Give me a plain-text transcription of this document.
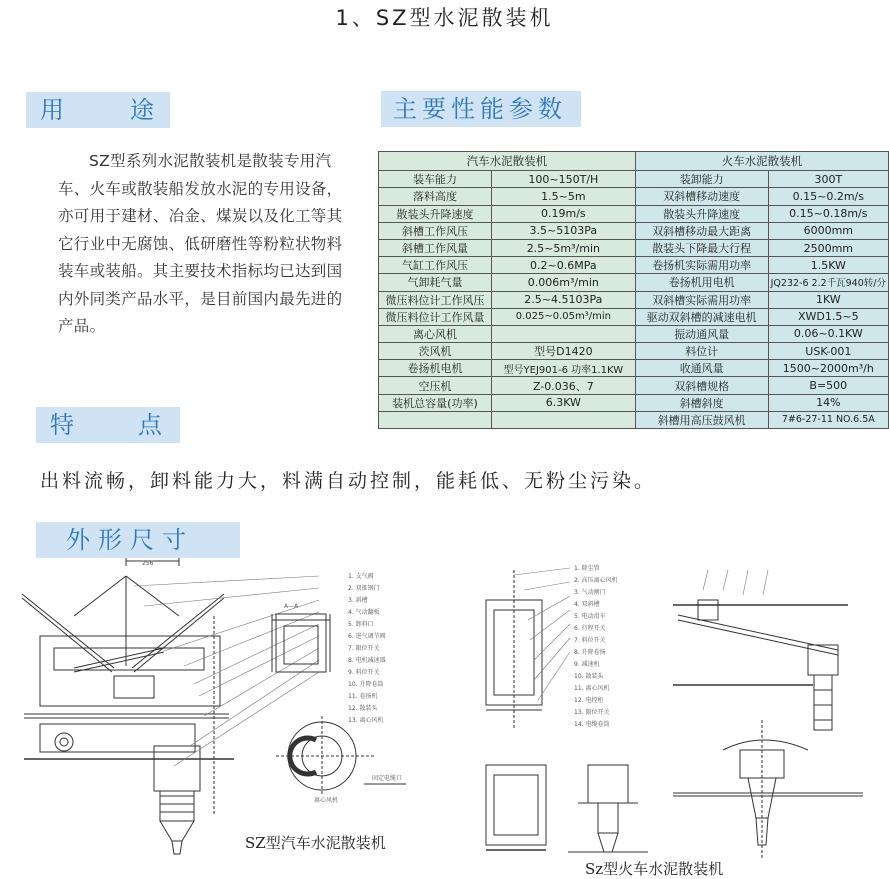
1、SZ型水泥散装机
用	途
SZ型系列水泥散装机是散装专用汽车、火车或散装船发放水泥的专用设备，亦可用于建材、冶金、煤炭以及化工等其它行业中无腐蚀、低研磨性等粉粒状物料装车或装船。其主要技术指标均已达到国内外同类产品水平，是目前国内最先进的产品。
主要性能参数
汽车水泥散装机		火车水泥散装机	
装车能力	100~150T/H	装卸能力	300T
落料高度	1.5~5m	双斜槽移动速度	0.15~0.2m/s
散装头升降速度	0.19m/s	散装头升降速度	0.15~0.18m/s
斜槽工作风压	3.5~5103Pa	双斜槽移动最大距离	6000mm
斜槽工作风量	2.5~5m³/min	散装头下降最大行程	2500mm
气缸工作风压	0.2~0.6MPa	卷扬机实际需用功率	1.5KW
气卸耗气量	0.006m³/min	卷扬机用电机	JQ232-6 2.2千瓦940转/分
微压料位计工作风压	2.5~4.5103Pa	双斜槽实际需用功率	1KW
微压料位计工作风量	0.025~0.05m³/min	驱动双斜槽的减速电机	XWD1.5~5
离心风机		振动通风量	0.06~0.1KW
茨风机	型号D1420	料位计	USK-001
卷扬机电机	型号YEJ901-6 功率1.1KW	收通风量	1500~2000m³/h
空压机	Z-0.036、7	双斜槽规格	B=500
装机总容量(功率)	6.3KW	斜槽斜度	14%
		斜槽用高压鼓风机	7#6-27-11 NO.6.5A
特	点
出料流畅，卸料能力大，料满自动控制，能耗低、无粉尘污染。
外形尺寸
256
1. 支气阀
2. 双锥钢门
3. 斜槽
4. 气动翻板
5. 卸料口
6. 进气调节阀
7. 限位开关
8. 电机减速器
9. 料位开关
10. 升降卷筒
11. 卷扬机
12. 散装头
13. 离心风机
A—A
离心风机
固定电缆口
SZ型汽车水泥散装机
1. 除尘管
2. 高压离心风机
3. 气动闸门
4. 双斜槽
5. 电动滑车
6. 行程开关
7. 料位开关
8. 升降卷扬
9. 减速机
10. 散装头
11. 离心风机
12. 电控柜
13. 限位开关
14. 电缆卷筒
Sz型火车水泥散装机
